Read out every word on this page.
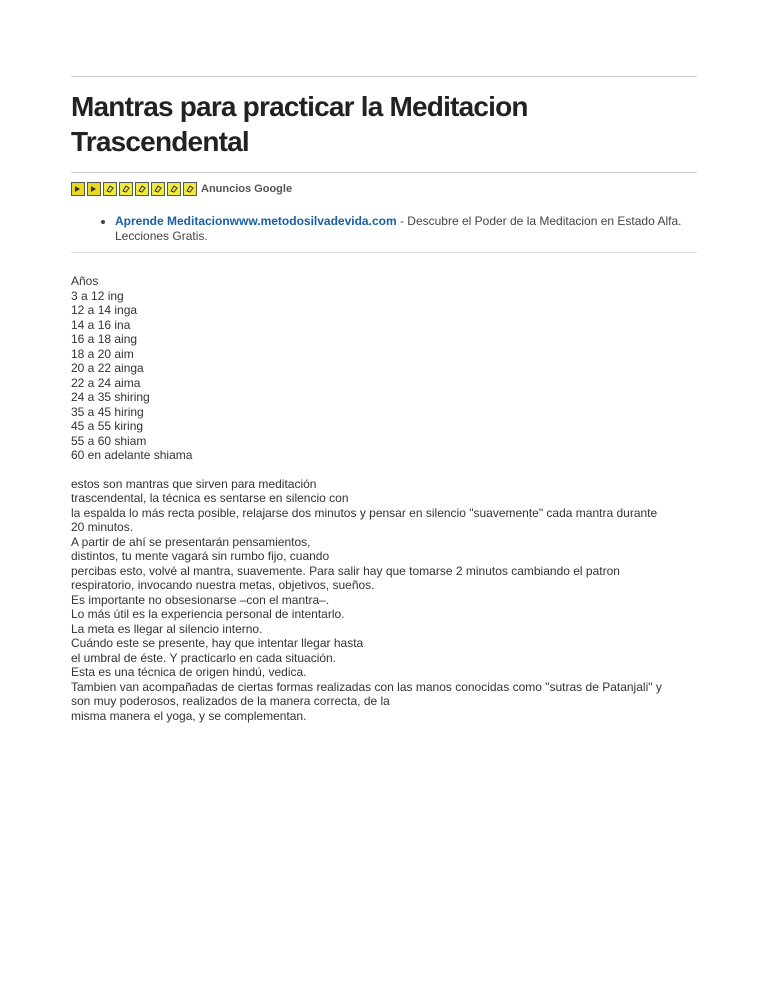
Mantras para practicar la Meditacion Trascendental
Anuncios Google
• Aprende Meditacionwww.metodosilvadevida.com - Descubre el Poder de la Meditacion en Estado Alfa. Lecciones Gratis.
Años
3 a 12 ing
12 a 14 inga
14 a 16 ina
16 a 18 aing
18 a 20 aim
20 a 22 ainga
22 a 24 aima
24 a 35 shiring
35 a 45 hiring
45 a 55 kiring
55 a 60 shiam
60 en adelante shiama
estos son mantras que sirven para meditación
trascendental, la técnica es sentarse en silencio con
la espalda lo más recta posible, relajarse dos minutos y pensar en silencio "suavemente" cada mantra durante
20 minutos.
A partir de ahí se presentarán pensamientos,
distintos, tu mente vagará sin rumbo fijo, cuando
percibas esto, volvé al mantra, suavemente. Para salir hay que tomarse 2 minutos cambiando el patron
respiratorio, invocando nuestra metas, objetivos, sueños.
Es importante no obsesionarse –con el mantra–.
Lo más útil es la experiencia personal de intentarlo.
La meta es llegar al silencio interno.
Cuándo este se presente, hay que intentar llegar hasta
el umbral de éste. Y practicarlo en cada situación.
Esta es una técnica de origen hindú, vedica.
Tambien van acompañadas de ciertas formas realizadas con las manos conocidas como "sutras de Patanjali" y
son muy poderosos, realizados de la manera correcta, de la
misma manera el yoga, y se complementan.
